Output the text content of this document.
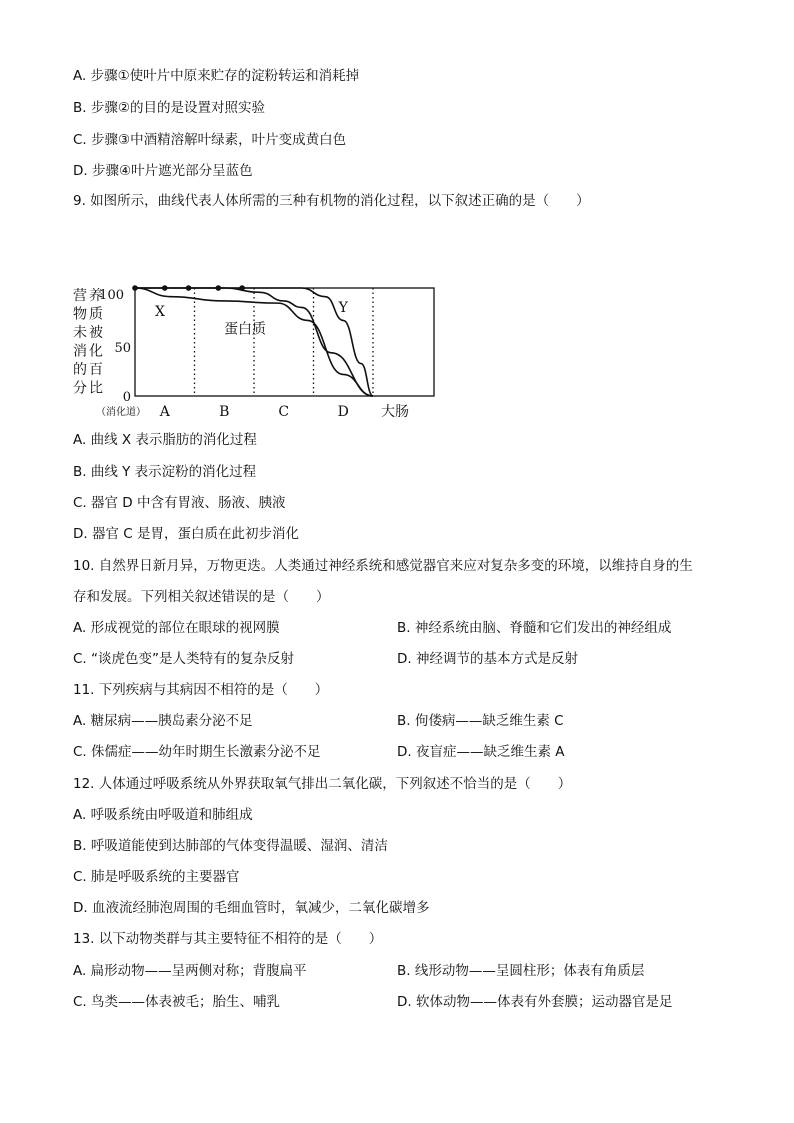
A. 步骤①使叶片中原来贮存的淀粉转运和消耗掉
B. 步骤②的目的是设置对照实验
C. 步骤③中酒精溶解叶绿素，叶片变成黄白色
D. 步骤④叶片遮光部分呈蓝色
9. 如图所示，曲线代表人体所需的三种有机物的消化过程，以下叙述正确的是（　　）
营养
物质
未被
消化
的百
分比
100
50
0
X
蛋白质
Y
（消化道） A	B	C	D 大肠
A. 曲线 X 表示脂肪的消化过程
B. 曲线 Y 表示淀粉的消化过程
C. 器官 D 中含有胃液、肠液、胰液
D. 器官 C 是胃，蛋白质在此初步消化
10. 自然界日新月异，万物更迭。人类通过神经系统和感觉器官来应对复杂多变的环境，以维持自身的生
存和发展。下列相关叙述错误的是（　　）
A. 形成视觉的部位在眼球的视网膜	B. 神经系统由脑、脊髓和它们发出的神经组成
C. “谈虎色变”是人类特有的复杂反射	D. 神经调节的基本方式是反射
11. 下列疾病与其病因不相符的是（　　）
A. 糖尿病——胰岛素分泌不足	B. 佝偻病——缺乏维生素 C
C. 侏儒症——幼年时期生长激素分泌不足	D. 夜盲症——缺乏维生素 A
12. 人体通过呼吸系统从外界获取氧气排出二氧化碳，下列叙述不恰当的是（　　）
A. 呼吸系统由呼吸道和肺组成
B. 呼吸道能使到达肺部的气体变得温暖、湿润、清洁
C. 肺是呼吸系统的主要器官
D. 血液流经肺泡周围的毛细血管时，氧减少，二氧化碳增多
13. 以下动物类群与其主要特征不相符的是（　　）
A. 扁形动物——呈两侧对称；背腹扁平	B. 线形动物——呈圆柱形；体表有角质层
C. 鸟类——体表被毛；胎生、哺乳	D. 软体动物——体表有外套膜；运动器官是足
